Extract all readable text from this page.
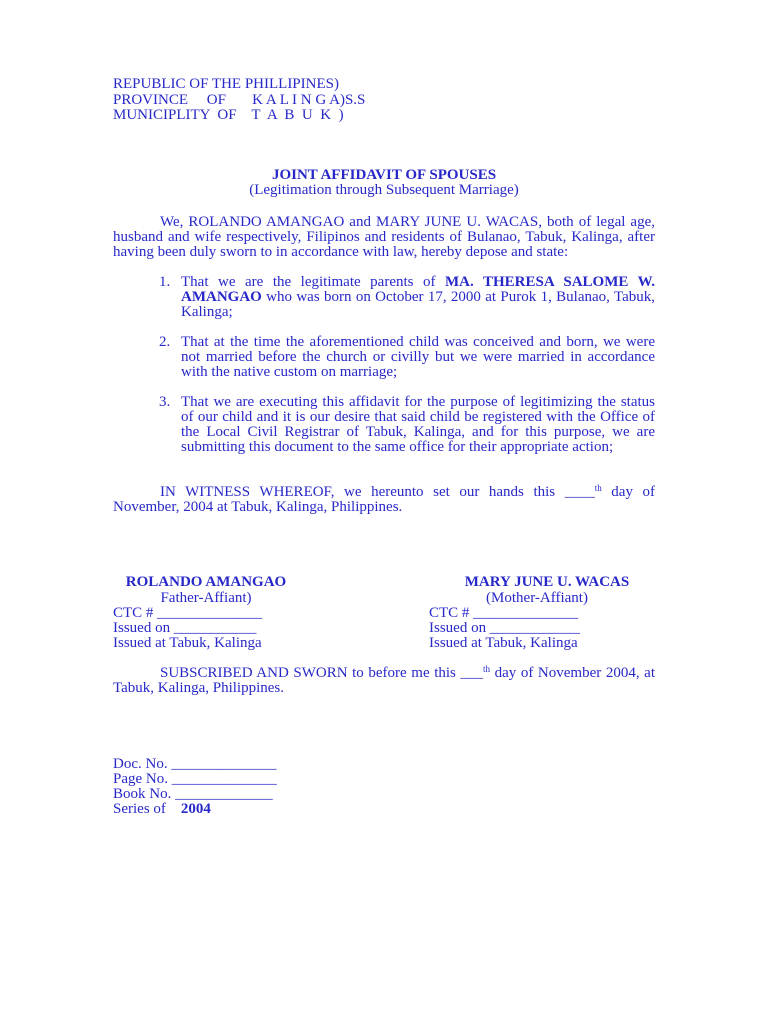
REPUBLIC OF THE PHILLIPINES)
PROVINCE     OF       K A L I N G A)S.S
MUNICIPLITY  OF    T  A  B  U  K  )
JOINT AFFIDAVIT OF SPOUSES
(Legitimation through Subsequent Marriage)
We, ROLANDO AMANGAO and MARY JUNE U. WACAS, both of legal age,
husband and wife respectively, Filipinos and residents of Bulanao, Tabuk, Kalinga, after
having been duly sworn to in accordance with law, hereby depose and state:
1. That we are the legitimate parents of MA. THERESA SALOME W.
AMANGAO who was born on October 17, 2000 at Purok 1, Bulanao, Tabuk,
Kalinga;
2. That at the time the aforementioned child was conceived and born, we were
not married before the church or civilly but we were married in accordance
with the native custom on marriage;
3. That we are executing this affidavit for the purpose of legitimizing the status
of our child and it is our desire that said child be registered with the Office of
the Local Civil Registrar of Tabuk, Kalinga, and for this purpose, we are
submitting this document to the same office for their appropriate action;
IN WITNESS WHEREOF, we hereunto set our hands this ____$^{th}$ day of
November, 2004 at Tabuk, Kalinga, Philippines.
ROLANDO AMANGAO
Father-Affiant)
CTC # ______________
Issued on ___________
Issued at Tabuk, Kalinga
MARY JUNE U. WACAS
(Mother-Affiant)
CTC # ______________
Issued on ____________
Issued at Tabuk, Kalinga
SUBSCRIBED AND SWORN to before me this ___$^{th}$ day of November 2004, at
Tabuk, Kalinga, Philippines.
Doc. No. ______________
Page No. ______________
Book No. _____________
Series of 2004
